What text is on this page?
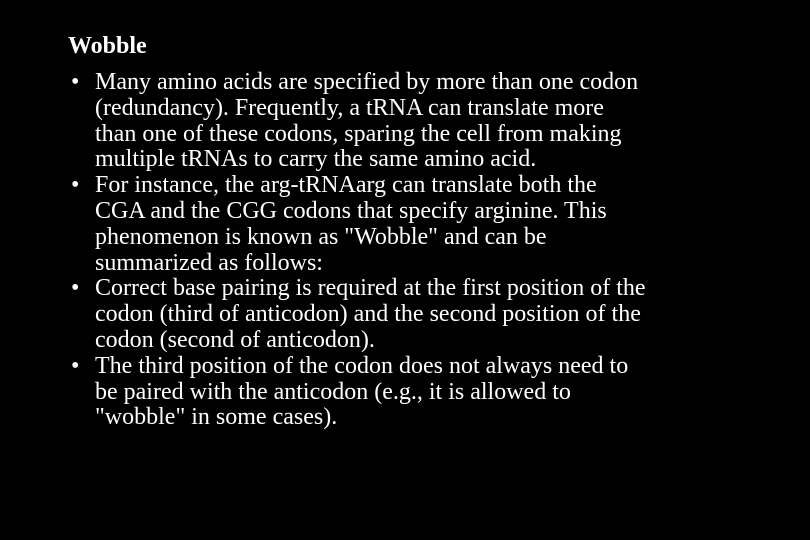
Wobble
• Many amino acids are specified by more than one codon
(redundancy). Frequently, a tRNA can translate more
than one of these codons, sparing the cell from making
multiple tRNAs to carry the same amino acid.
• For instance, the arg-tRNAarg can translate both the
CGA and the CGG codons that specify arginine. This
phenomenon is known as "Wobble" and can be
summarized as follows:
• Correct base pairing is required at the first position of the
codon (third of anticodon) and the second position of the
codon (second of anticodon).
• The third position of the codon does not always need to
be paired with the anticodon (e.g., it is allowed to
"wobble" in some cases).
